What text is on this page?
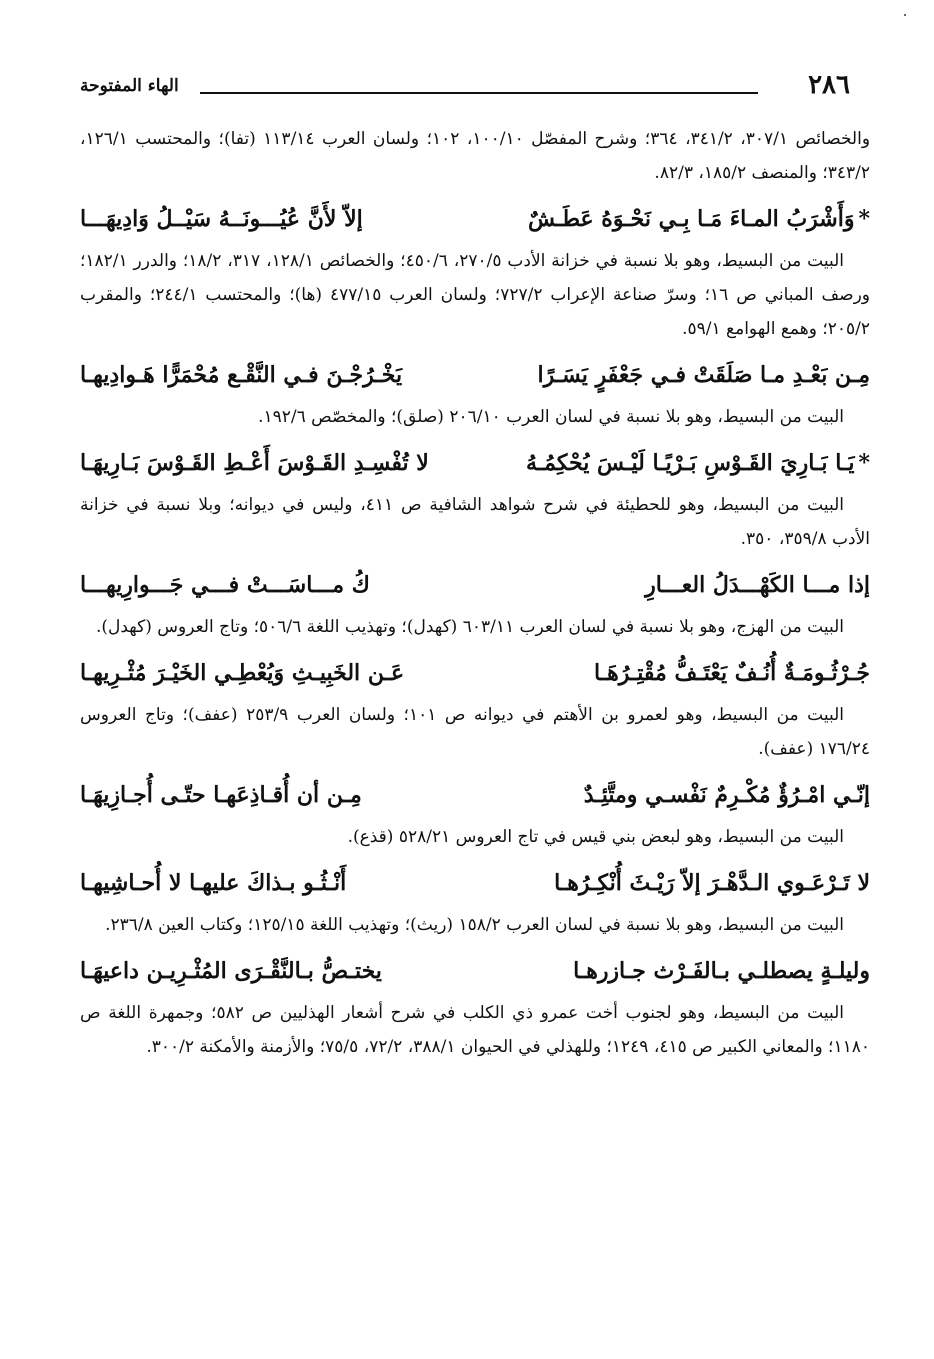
٢٨٦
الهاء المفتوحة

والخصائص ٣٠٧/١، ٣٤١/٢، ٣٦٤؛ وشرح المفصّل ١٠٠/١٠، ١٠٢؛ ولسان العرب ١١٣/١٤ (تفا)؛ والمحتسب ١٢٦/١، ٣٤٣/٢؛ والمنصف ١٨٥/٢، ٨٢/٣.

*
وَأَشْرَبُ المـاءَ مَـا بِـي نَحْـوَهُ عَطَـشٌ
إلاّ لأَنَّ عُيُـــونَــهُ سَيْــلُ وَادِيهَـــا

البيت من البسيط، وهو بلا نسبة في خزانة الأدب ٢٧٠/٥، ٤٥٠/٦؛ والخصائص ١٢٨/١، ٣١٧، ١٨/٢؛ والدرر ١٨٢/١؛ ورصف المباني ص ١٦؛ وسرّ صناعة الإعراب ٧٢٧/٢؛ ولسان العرب ٤٧٧/١٥ (ها)؛ والمحتسب ٢٤٤/١؛ والمقرب ٢٠٥/٢؛ وهمع الهوامع ٥٩/١.

مِـن بَعْـدِ مـا صَلَقَتْ فـي جَعْفَرٍ يَسَـرًا
يَخْـرُجْـنَ فـي النَّقْـع مُحْمَرًّا هَـوادِيهـا

البيت من البسيط، وهو بلا نسبة في لسان العرب ٢٠٦/١٠ (صلق)؛ والمخصّص ١٩٢/٦.

*
يَـا بَـارِيَ القَـوْسِ بَـرْيًـا لَيْـسَ يُحْكِمُـهُ
لا تُفْسِـدِ القَـوْسَ أَعْـطِ القَـوْسَ بَـارِيهَـا

البيت من البسيط، وهو للحطيئة في شرح شواهد الشافية ص ٤١١، وليس في ديوانه؛ وبلا نسبة في خزانة الأدب ٣٥٩/٨، ٣٥٠.

إذا مـــا الكَهْـــدَلُ العـــارِ
كُ مـــاسَـــتْ فـــي جَـــوارِيهـــا

البيت من الهزج، وهو بلا نسبة في لسان العرب ٦٠٣/١١ (كهدل)؛ وتهذيب اللغة ٥٠٦/٦؛ وتاج العروس (كهدل).

جُـرْثُـومَـةٌ أُنُـفٌ يَعْتَـفُّ مُقْتِـرُهَـا
عَـن الخَبِيـثِ وَيُعْطِـي الخَيْـرَ مُثْـرِيهـا

البيت من البسيط، وهو لعمرو بن الأهتم في ديوانه ص ١٠١؛ ولسان العرب ٢٥٣/٩ (عفف)؛ وتاج العروس ١٧٦/٢٤ (عفف).

إنّـي امْـرُؤٌ مُكْـرِمٌ نَفْسـي ومتَّئِـدٌ
مِـن أن أُقـاذِعَهـا حتّـى أُجـازِيهَـا

البيت من البسيط، وهو لبعض بني قيس في تاج العروس ٥٢٨/٢١ (قذع).

لا تَـرْعَـوي الـدَّهْـرَ إلاّ رَيْـثَ أُنْكِـرُهـا
أَنْـثُـو بـذاكَ عليهـا لا أُحـاشِيهـا

البيت من البسيط، وهو بلا نسبة في لسان العرب ١٥٨/٢ (ريث)؛ وتهذيب اللغة ١٢٥/١٥؛ وكتاب العين ٢٣٦/٨.

وليلـةٍ يصطلـي بـالفَـرْث جـازرهـا
يختـصُّ بـالنَّقْـرَى المُثْـرِيـن داعيهَـا

البيت من البسيط، وهو لجنوب أخت عمرو ذي الكلب في شرح أشعار الهذليين ص ٥٨٢؛ وجمهرة اللغة ص ١١٨٠؛ والمعاني الكبير ص ٤١٥، ١٢٤٩؛ وللهذلي في الحيوان ٣٨٨/١، ٧٢/٢، ٧٥/٥؛ والأزمنة والأمكنة ٣٠٠/٢.
